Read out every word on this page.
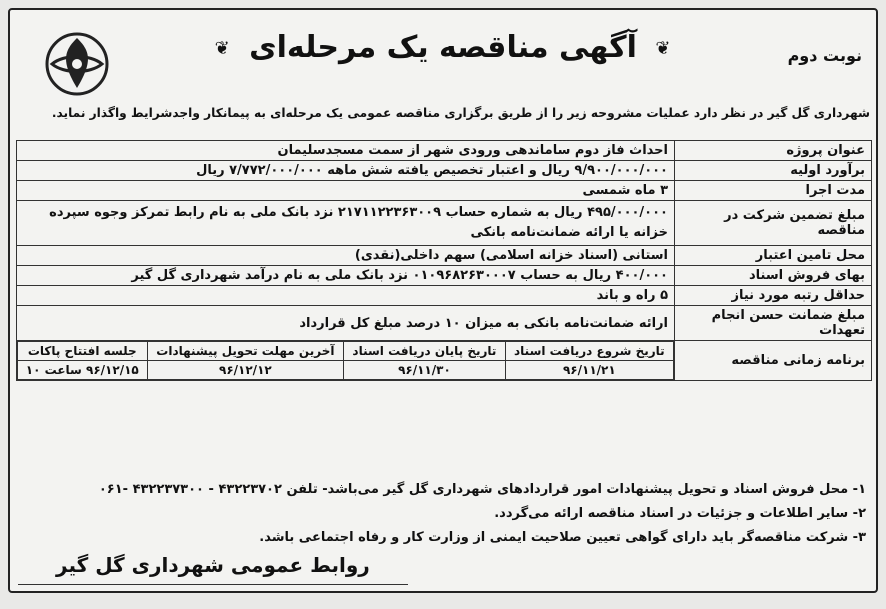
نوبت دوم
❦ آگهی مناقصه یک مرحله‌ای ❦
شهرداری گل گیر در نظر دارد عملیات مشروحه زیر را از طریق برگزاری مناقصه عمومی یک مرحله‌ای به پیمانکار واجدشرایط واگذار نماید.
عنوان پروژه	احداث فاز دوم ساماندهی ورودی شهر از سمت مسجدسلیمان
برآورد اولیه	۹/۹۰۰/۰۰۰/۰۰۰ ریال و اعتبار تخصیص یافته شش ماهه ۷/۷۷۲/۰۰۰/۰۰۰ ریال
مدت اجرا	۳ ماه شمسی
مبلغ تضمین شرکت در مناقصه	۴۹۵/۰۰۰/۰۰۰ ریال به شماره حساب ۲۱۷۱۱۲۲۳۶۳۰۰۹ نزد بانک ملی به نام رابط تمرکز وجوه سپرده خزانه یا ارائه ضمانت‌نامه بانکی
محل تامین اعتبار	استانی (اسناد خزانه اسلامی) سهم داخلی(نقدی)
بهای فروش اسناد	۴۰۰/۰۰۰ ریال به حساب ۰۱۰۹۶۸۲۶۳۰۰۰۷ نزد بانک ملی به نام درآمد شهرداری گل گیر
حداقل رتبه مورد نیاز	۵ راه و باند
مبلغ ضمانت حسن انجام تعهدات	ارائه ضمانت‌نامه بانکی به میزان ۱۰ درصد مبلغ کل قرارداد
برنامه زمانی مناقصه	
تاریخ شروع دریافت اسناد	تاریخ پایان دریافت اسناد	آخرین مهلت تحویل پیشنهادات	جلسه افتتاح پاکات
۹۶/۱۱/۲۱	۹۶/۱۱/۳۰	۹۶/۱۲/۱۲	۹۶/۱۲/۱۵ ساعت ۱۰
۱- محل فروش اسناد و تحویل پیشنهادات امور قراردادهای شهرداری گل گیر می‌باشد- تلفن ۴۳۲۲۳۷۰۲ - ۴۳۲۲۳۷۳۰۰ -۰۶۱
۲- سایر اطلاعات و جزئیات در اسناد مناقصه ارائه می‌گردد.
۳- شرکت مناقصه‌گر باید دارای گواهی تعیین صلاحیت ایمنی از وزارت کار و رفاه اجتماعی باشد.
روابط عمومی شهرداری گل گیر
